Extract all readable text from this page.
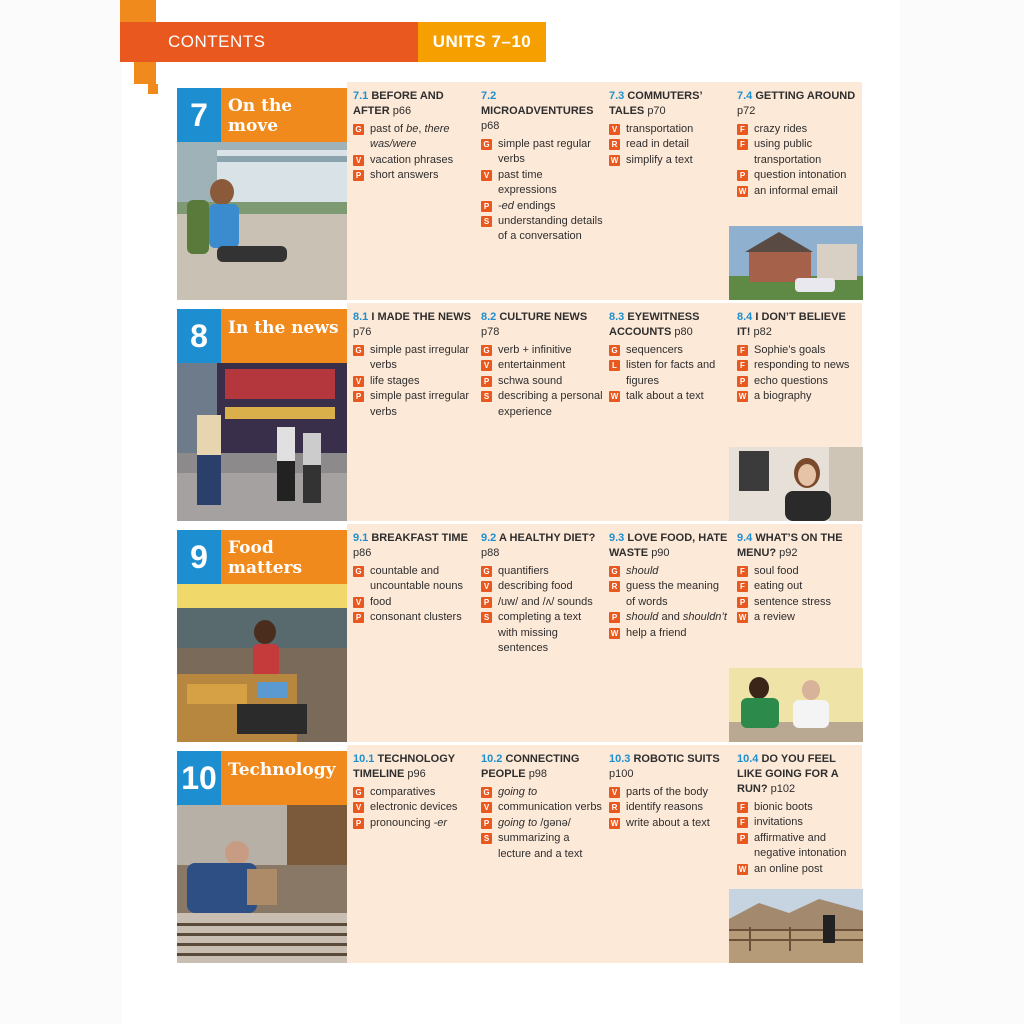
CONTENTS	UNITS 7–10
7	On the move
7.1 BEFORE AND AFTER p66
G past of be, there was/were
V vacation phrases
P short answers
7.2 MICROADVENTURES p68
G simple past regular verbs
V past time expressions
P -ed endings
S understanding details of a conversation
7.3 COMMUTERS’ TALES p70
V transportation
R read in detail
W simplify a text
7.4 GETTING AROUND p72
F crazy rides
F using public transportation
P question intonation
W an informal email
8	In the news
8.1 I MADE THE NEWS p76
G simple past irregular verbs
V life stages
P simple past irregular verbs
8.2 CULTURE NEWS p78
G verb + infinitive
V entertainment
P schwa sound
S describing a personal experience
8.3 EYEWITNESS ACCOUNTS p80
G sequencers
L listen for facts and figures
W talk about a text
8.4 I DON’T BELIEVE IT! p82
F Sophie’s goals
F responding to news
P echo questions
W a biography
9	Food matters
9.1 BREAKFAST TIME p86
G countable and uncountable nouns
V food
P consonant clusters
9.2 A HEALTHY DIET? p88
G quantifiers
V describing food
P /uw/ and /ʌ/ sounds
S completing a text with missing sentences
9.3 LOVE FOOD, HATE WASTE p90
G should
R guess the meaning of words
P should and shouldn’t
W help a friend
9.4 WHAT’S ON THE MENU? p92
F soul food
F eating out
P sentence stress
W a review
10 Technology
10.1 TECHNOLOGY TIMELINE p96
G comparatives
V electronic devices
P pronouncing -er
10.2 CONNECTING PEOPLE p98
G going to
V communication verbs
P going to /gənə/
S summarizing a lecture and a text
10.3 ROBOTIC SUITS p100
V parts of the body
R identify reasons
W write about a text
10.4 DO YOU FEEL LIKE GOING FOR A RUN? p102
F bionic boots
F invitations
P affirmative and negative intonation
W an online post
